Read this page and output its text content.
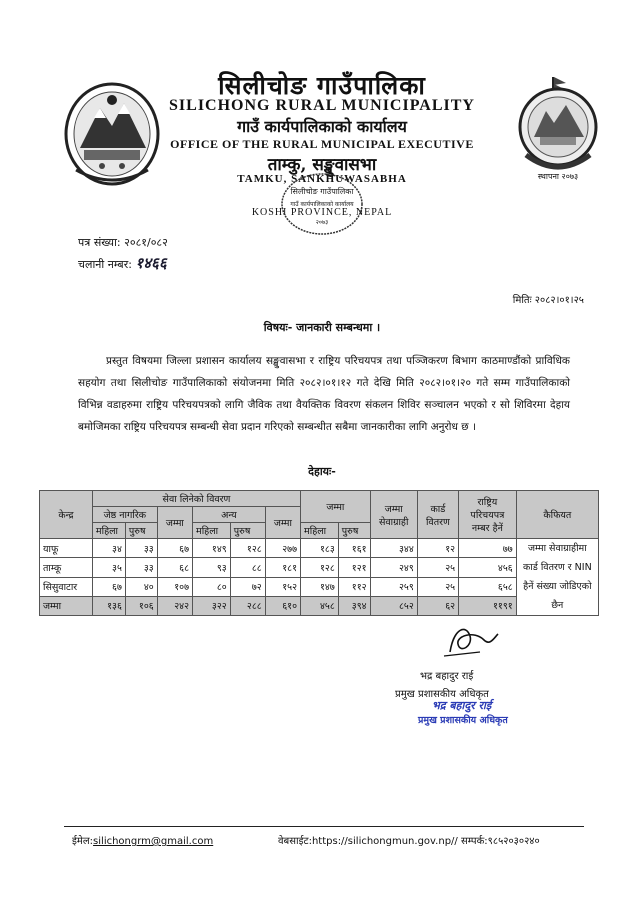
स्थापना २०७३
सिलीचोङ गाउँपालिका
SILICHONG RURAL MUNICIPALITY
गाउँ कार्यपालिकाको कार्यालय
OFFICE OF THE RURAL MUNICIPAL EXECUTIVE
ताम्कु, सङ्खुवासभा
TAMKU, SANKHUWASABHA
KOSHI PROVINCE, NEPAL
सिलीचोङ गाउँपालिका
गाउँ कार्यपालिकाको कार्यालय
२०७३
पत्र संख्या: २०८१/०८२
चलानी नम्बर: १४६६
मितिः २०८२।०१।२५
विषयः- जानकारी सम्बन्धमा ।
प्रस्तुत विषयमा जिल्ला प्रशासन कार्यालय सङ्खुवासभा र राष्ट्रिय परिचयपत्र तथा पञ्जिकरण बिभाग काठमाण्डौंको प्राविधिक सहयोग तथा सिलीचोङ गाउँपालिकाको संयोजनमा मिति २०८२।०१।१२ गते देखि मिति २०८२।०१।२० गते सम्म गाउँपालिकाको विभिन्न वडाहरुमा राष्ट्रिय परिचयपत्रको लागि जैविक तथा वैयक्तिक विवरण संकलन शिविर सञ्चालन भएको र सो शिविरमा देहाय बमोजिमका राष्ट्रिय परिचयपत्र सम्बन्धी सेवा प्रदान गरिएको सम्बन्धीत सबैमा जानकारीका लागि अनुरोध छ ।
देहायः-
केन्द्र	सेवा लिनेको विवरण						जम्मा		जम्मा सेवाग्राही	कार्ड वितरण	राष्ट्रिय परिचयपत्र नम्बर हैनें	कैफियत
	जेष्ठ नागरिक		जम्मा	अन्य		जम्मा						
	महिला	पुरुष		महिला	पुरुष		महिला	पुरुष				
याफू	३४	३३	६७	१४९	१२८	२७७	१८३	१६१	३४४	१२	७७	जम्मा सेवाग्राहीमा कार्ड वितरण र NIN हैनें संख्या जोडिएको छैन
ताम्कू	३५	३३	६८	९३	८८	१८१	१२८	१२१	२४९	२५	४५६	
सिसुवाटार	६७	४०	१०७	८०	७२	१५२	१४७	११२	२५९	२५	६५८	
जम्मा	१३६	१०६	२४२	३२२	२८८	६१०	४५८	३९४	८५२	६२	११९१	
भद्र बहादुर राई
प्रमुख प्रशासकीय अधिकृत
भद्र बहादुर राई
प्रमुख प्रशासकीय अधिकृत
ईमेल:silichongrm@gmail.com	वेबसाईट:https://silichongmun.gov.np// सम्पर्क:९८५२०३०२४०
